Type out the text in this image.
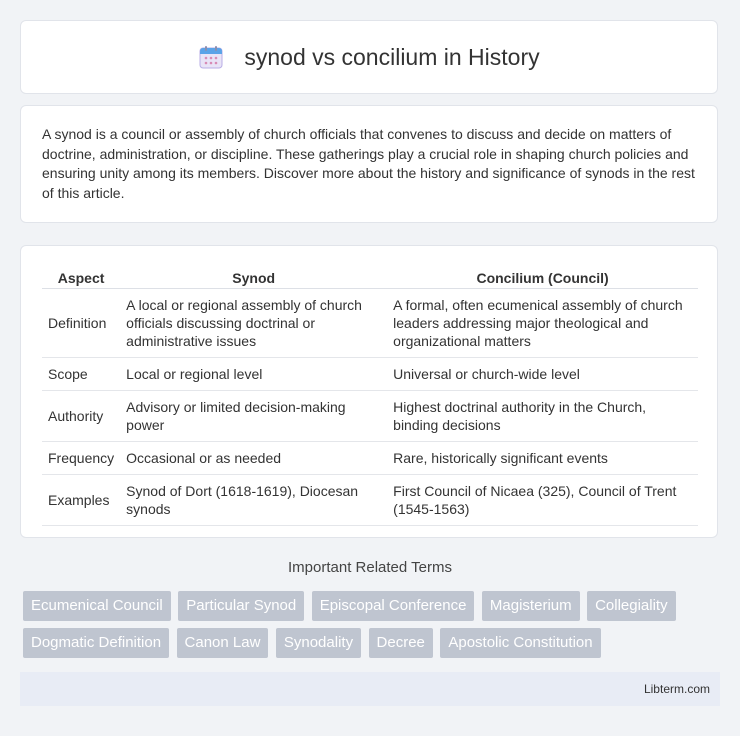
synod vs concilium in History

A synod is a council or assembly of church officials that convenes to discuss and decide on matters of doctrine, administration, or discipline. These gatherings play a crucial role in shaping church policies and ensuring unity among its members. Discover more about the history and significance of synods in the rest of this article.

Aspect	Synod	Concilium (Council)
Definition	A local or regional assembly of church officials discussing doctrinal or administrative issues	A formal, often ecumenical assembly of church leaders addressing major theological and organizational matters
Scope	Local or regional level	Universal or church-wide level
Authority	Advisory or limited decision-making power	Highest doctrinal authority in the Church, binding decisions
Frequency	Occasional or as needed	Rare, historically significant events
Examples	Synod of Dort (1618-1619), Diocesan synods	First Council of Nicaea (325), Council of Trent (1545-1563)
Important Related Terms
Ecumenical Council Particular Synod Episcopal Conference Magisterium Collegiality Dogmatic Definition Canon Law Synodality Decree Apostolic Constitution
Libterm.com
